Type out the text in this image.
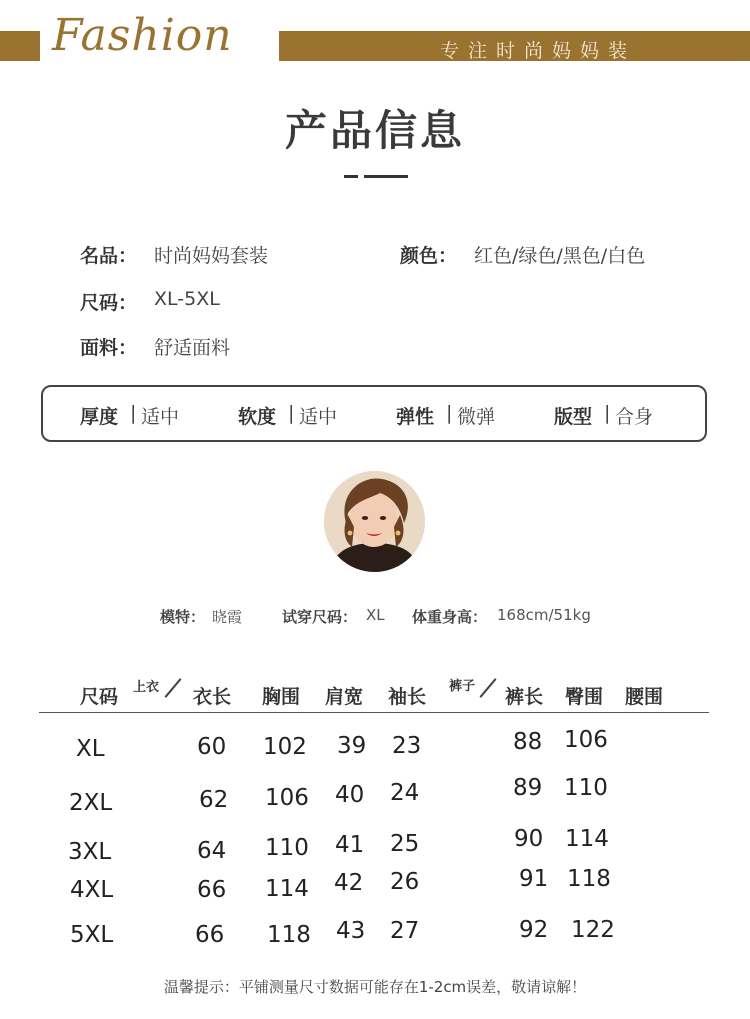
Fashion	专注时尚妈妈装
产品信息
名品： 时尚妈妈套装	颜色： 红色/绿色/黑色/白色
尺码： XL-5XL
面料： 舒适面料
厚度 | 适中	软度 | 适中	弹性 | 微弹	版型 | 合身
模特： 晓霞	试穿尺码： XL 体重身高： 168cm/51kg
尺码 上衣 衣长 胸围 肩宽 袖长 裤子 裤长 臀围 腰围
XL	60 102 39 23	88 106
2XL	62 106 40 24	89 110
3XL	64 110 41 25	90 114
4XL	66 114 42 26	91 118
5XL	66 118 43 27	92 122
温馨提示：平铺测量尺寸数据可能存在1-2cm误差，敬请谅解！
